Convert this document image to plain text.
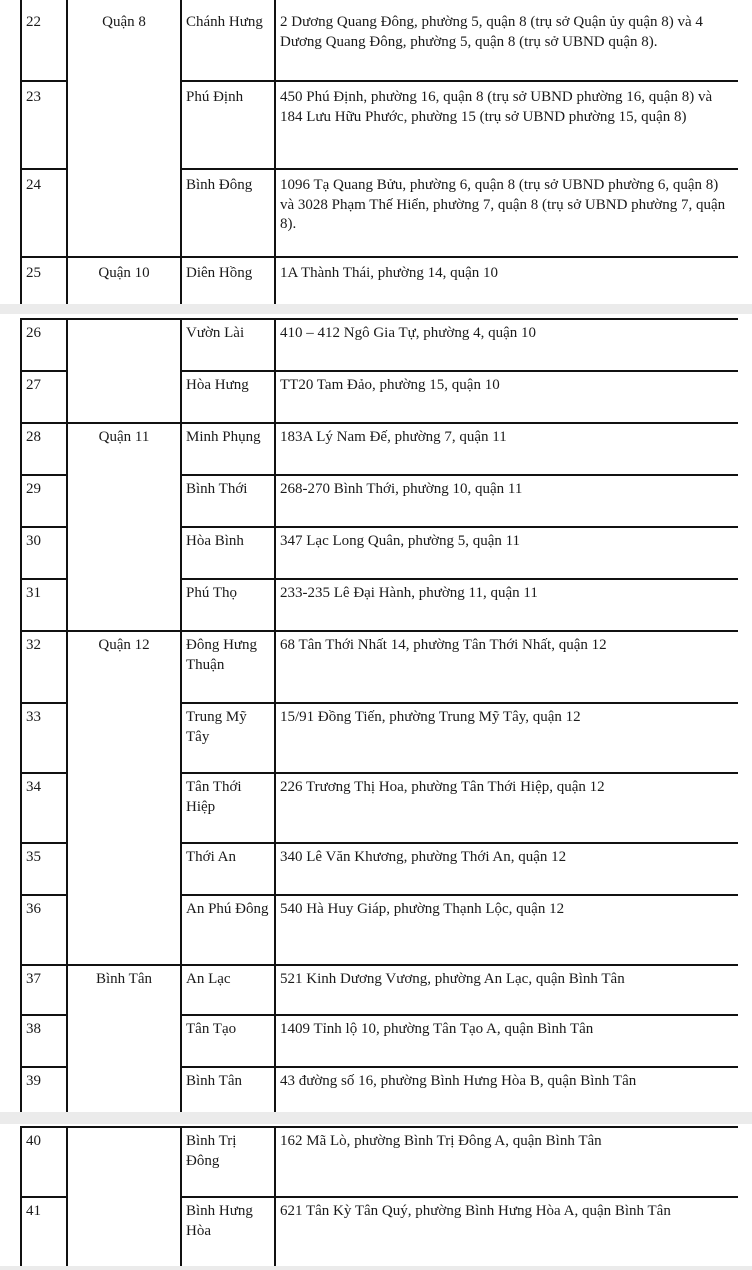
22	Quận 8	Chánh Hưng	2 Dương Quang Đông, phường 5, quận 8 (trụ sở Quận ủy quận 8) và 4 Dương Quang Đông, phường 5, quận 8 (trụ sở UBND quận 8).

23		Phú Định	450 Phú Định, phường 16, quận 8 (trụ sở UBND phường 16, quận 8) và 184 Lưu Hữu Phước, phường 15 (trụ sở UBND phường 15, quận 8)

24		Bình Đông	1096 Tạ Quang Bửu, phường 6, quận 8 (trụ sở UBND phường 6, quận 8) và 3028 Phạm Thế Hiển, phường 7, quận 8 (trụ sở UBND phường 7, quận 8).

25	Quận 10	Diên Hồng	1A Thành Thái, phường 14, quận 10
26		Vườn Lài	410 – 412 Ngô Gia Tự, phường 4, quận 10

27		Hòa Hưng	TT20 Tam Đảo, phường 15, quận 10

28	Quận 11	Minh Phụng	183A Lý Nam Đế, phường 7, quận 11

29		Bình Thới	268-270 Bình Thới, phường 10, quận 11

30		Hòa Bình	347 Lạc Long Quân, phường 5, quận 11

31		Phú Thọ	233-235 Lê Đại Hành, phường 11, quận 11

32	Quận 12	Đông Hưng Thuận	68 Tân Thới Nhất 14, phường Tân Thới Nhất, quận 12

33		Trung Mỹ Tây	15/91 Đồng Tiến, phường Trung Mỹ Tây, quận 12

34		Tân Thới Hiệp	226 Trương Thị Hoa, phường Tân Thới Hiệp, quận 12

35		Thới An	340 Lê Văn Khương, phường Thới An, quận 12

36		An Phú Đông	540 Hà Huy Giáp, phường Thạnh Lộc, quận 12

37	Bình Tân	An Lạc	521 Kinh Dương Vương, phường An Lạc, quận Bình Tân

38		Tân Tạo	1409 Tỉnh lộ 10, phường Tân Tạo A, quận Bình Tân

39		Bình Tân	43 đường số 16, phường Bình Hưng Hòa B, quận Bình Tân
40		Bình Trị Đông	162 Mã Lò, phường Bình Trị Đông A, quận Bình Tân

41		Bình Hưng Hòa	621 Tân Kỳ Tân Quý, phường Bình Hưng Hòa A, quận Bình Tân
